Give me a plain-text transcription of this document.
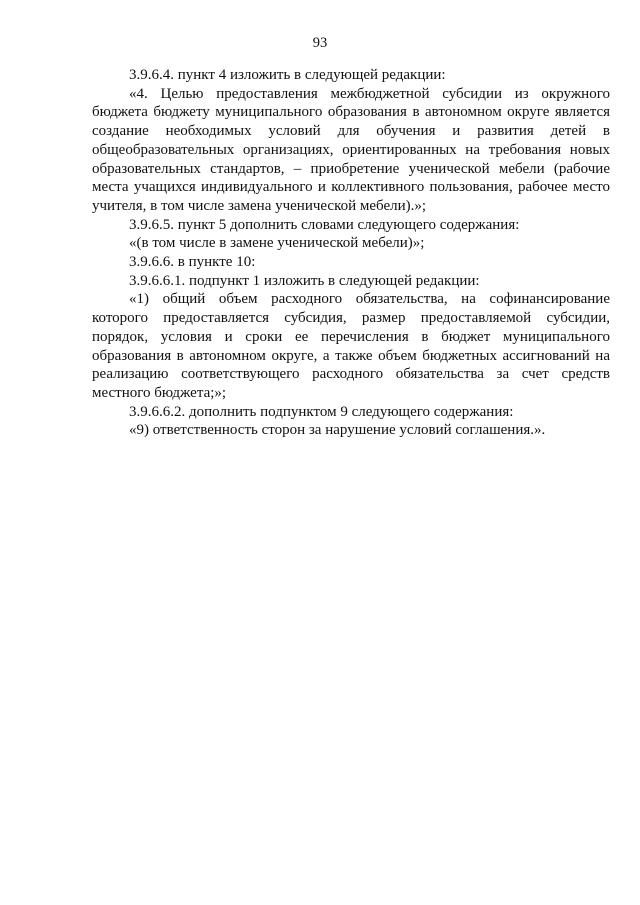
93

3.9.6.4. пункт 4 изложить в следующей редакции:

«4. Целью предоставления межбюджетной субсидии из окружного бюджета бюджету муниципального образования в автономном округе является создание необходимых условий для обучения и развития детей в общеобразовательных организациях, ориентированных на требования новых образовательных стандартов, – приобретение ученической мебели (рабочие места учащихся индивидуального и коллективного пользования, рабочее место учителя, в том числе замена ученической мебели).»;

3.9.6.5. пункт 5 дополнить словами следующего содержания:

«(в том числе в замене ученической мебели)»;

3.9.6.6. в пункте 10:

3.9.6.6.1. подпункт 1 изложить в следующей редакции:

«1) общий объем расходного обязательства, на софинансирование которого предоставляется субсидия, размер предоставляемой субсидии, порядок, условия и сроки ее перечисления в бюджет муниципального образования в автономном округе, а также объем бюджетных ассигнований на реализацию соответствующего расходного обязательства за счет средств местного бюджета;»;

3.9.6.6.2. дополнить подпунктом 9 следующего содержания:

«9) ответственность сторон за нарушение условий соглашения.».
